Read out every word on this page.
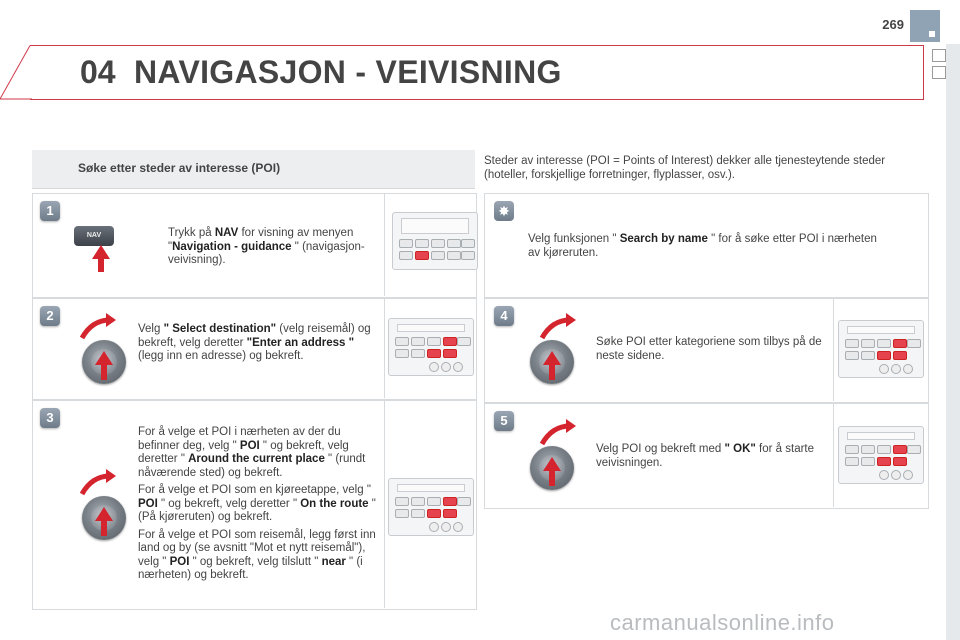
269
04 NAVIGASJON - VEIVISNING
Søke etter steder av interesse (POI)	Steder av interesse (POI = Points of Interest) dekker alle tjenesteytende steder (hoteller, forskjellige forretninger, flyplasser, osv.).
1
NAV	Trykk på NAV for visning av menyen "Navigation - guidance " (navigasjon-veivisning).
2
Velg " Select destination" (velg reisemål) og bekreft, velg deretter "Enter an address " (legg inn en adresse) og bekreft.
3

For å velge et POI i nærheten av der du befinner deg, velg " POI " og bekreft, velg deretter " Around the current place " (rundt nåværende sted) og bekreft.

For å velge et POI som en kjøreetappe, velg " POI " og bekreft, velg deretter " On the route " (På kjøreruten) og bekreft.

For å velge et POI som reisemål, legg først inn land og by (se avsnitt "Mot et nytt reisemål"), velg " POI " og bekreft, velg tilslutt " near " (i nærheten) og bekreft.

✸
Velg funksjonen " Search by name " for å søke etter POI i nærheten av kjøreruten.
4
Søke POI etter kategoriene som tilbys på de neste sidene.
5
Velg POI og bekreft med " OK" for å starte veivisningen.
carmanualsonline.info
